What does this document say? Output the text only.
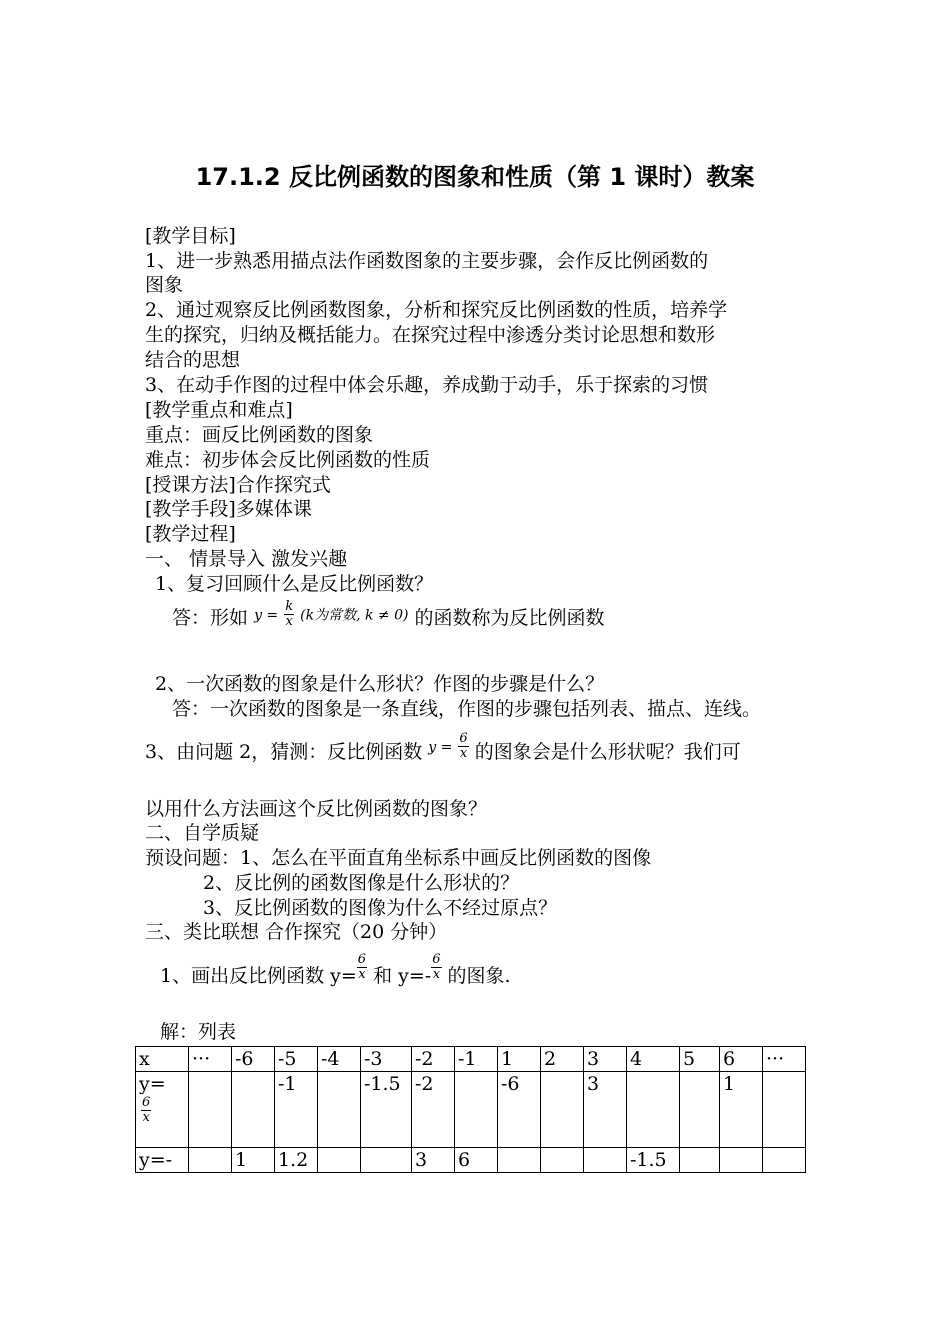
17.1.2 反比例函数的图象和性质（第 1 课时）教案
[教学目标]
1、进一步熟悉用描点法作函数图象的主要步骤，会作反比例函数的
图象
2、通过观察反比例函数图象，分析和探究反比例函数的性质，培养学
生的探究，归纳及概括能力。在探究过程中渗透分类讨论思想和数形
结合的思想
3、在动手作图的过程中体会乐趣，养成勤于动手，乐于探索的习惯
[教学重点和难点]
重点：画反比例函数的图象
难点：初步体会反比例函数的性质
[授课方法]合作探究式
[教学手段]多媒体课
[教学过程]
一、 情景导入 激发兴趣
1、复习回顾什么是反比例函数？
答：形如 $y = \frac{k}{x} (k$为常数, k ≠ 0) 的函数称为反比例函数
2、一次函数的图象是什么形状？作图的步骤是什么？
答：一次函数的图象是一条直线，作图的步骤包括列表、描点、连线。
3、由问题 2，猜测：反比例函数 $y = \frac{6}{x}$ 的图象会是什么形状呢？我们可
以用什么方法画这个反比例函数的图象？
二、自学质疑
预设问题：1、怎么在平面直角坐标系中画反比例函数的图像
2、反比例的函数图像是什么形状的？
3、反比例函数的图像为什么不经过原点？
三、类比联想 合作探究（20 分钟）
1、画出反比例函数 $y= \frac{6}{x}$ 和 $y=- \frac{6}{x}$ 的图象.
解：列表
x	···	-6	-5	-4	-3	-2	-1	1	2	3	4	5	6	···

y=
$\frac{6}{x}$			-1		-1.5	-2		-6		3			1	
y=-		1	1.2			3	6				-1.5			
